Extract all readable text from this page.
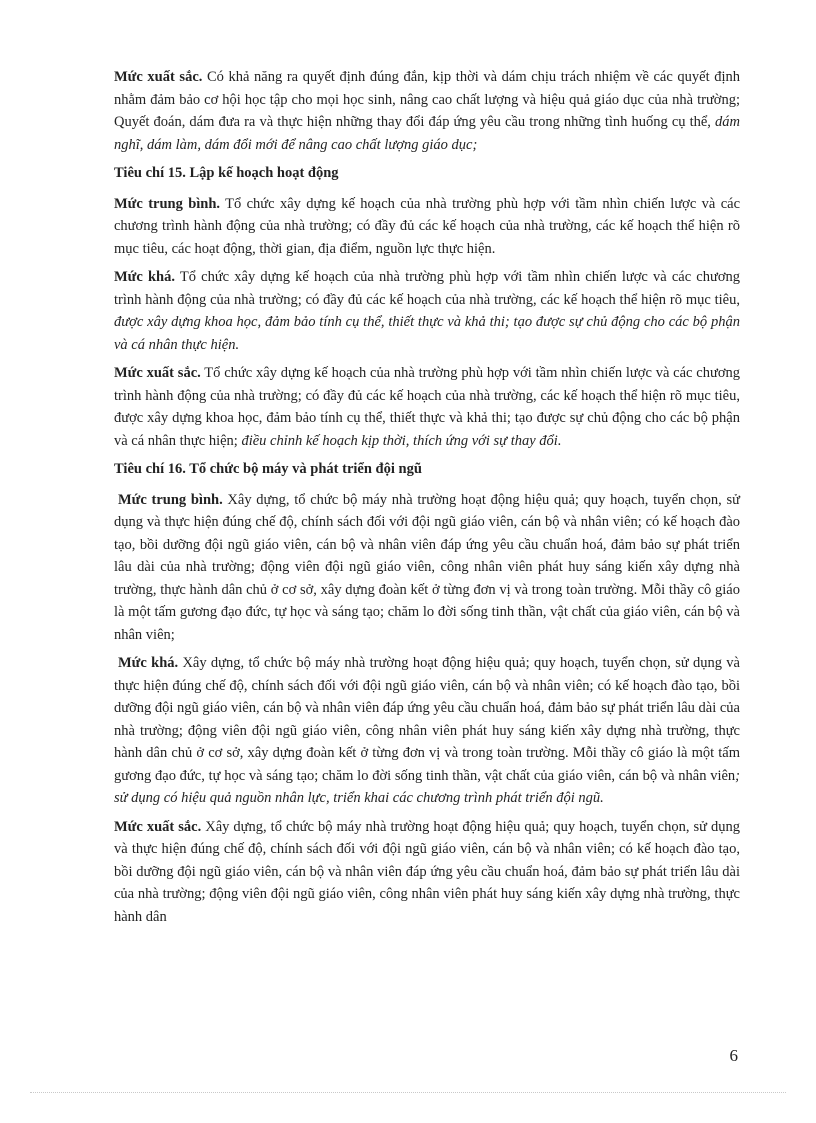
Mức xuất sắc. Có khả năng ra quyết định đúng đắn, kịp thời và dám chịu trách nhiệm về các quyết định nhằm đảm bảo cơ hội học tập cho mọi học sinh, nâng cao chất lượng và hiệu quả giáo dục của nhà trường; Quyết đoán, dám đưa ra và thực hiện những thay đổi đáp ứng yêu cầu trong những tình huống cụ thể, dám nghĩ, dám làm, dám đổi mới để nâng cao chất lượng giáo dục;

Tiêu chí 15. Lập kế hoạch hoạt động

Mức trung bình. Tổ chức xây dựng kế hoạch của nhà trường phù hợp với tầm nhìn chiến lược và các chương trình hành động của nhà trường; có đầy đủ các kế hoạch của nhà trường, các kế hoạch thể hiện rõ mục tiêu, các hoạt động, thời gian, địa điểm, nguồn lực thực hiện.

Mức khá. Tổ chức xây dựng kế hoạch của nhà trường phù hợp với tầm nhìn chiến lược và các chương trình hành động của nhà trường; có đầy đủ các kế hoạch của nhà trường, các kế hoạch thể hiện rõ mục tiêu, được xây dựng khoa học, đảm bảo tính cụ thể, thiết thực và khả thi; tạo được sự chủ động cho các bộ phận và cá nhân thực hiện.

Mức xuất sắc. Tổ chức xây dựng kế hoạch của nhà trường phù hợp với tầm nhìn chiến lược và các chương trình hành động của nhà trường; có đầy đủ các kế hoạch của nhà trường, các kế hoạch thể hiện rõ mục tiêu, được xây dựng khoa học, đảm bảo tính cụ thể, thiết thực và khả thi; tạo được sự chủ động cho các bộ phận và cá nhân thực hiện; điều chỉnh kế hoạch kịp thời, thích ứng với sự thay đổi.

Tiêu chí 16. Tổ chức bộ máy và phát triển đội ngũ

Mức trung bình. Xây dựng, tổ chức bộ máy nhà trường hoạt động hiệu quả; quy hoạch, tuyển chọn, sử dụng và thực hiện đúng chế độ, chính sách đối với đội ngũ giáo viên, cán bộ và nhân viên; có kế hoạch đào tạo, bồi dưỡng đội ngũ giáo viên, cán bộ và nhân viên đáp ứng yêu cầu chuẩn hoá, đảm bảo sự phát triển lâu dài của nhà trường; động viên đội ngũ giáo viên, công nhân viên phát huy sáng kiến xây dựng nhà trường, thực hành dân chủ ở cơ sở, xây dựng đoàn kết ở từng đơn vị và trong toàn trường. Mỗi thầy cô giáo là một tấm gương đạo đức, tự học và sáng tạo; chăm lo đời sống tinh thần, vật chất của giáo viên, cán bộ và nhân viên;

Mức khá. Xây dựng, tổ chức bộ máy nhà trường hoạt động hiệu quả; quy hoạch, tuyển chọn, sử dụng và thực hiện đúng chế độ, chính sách đối với đội ngũ giáo viên, cán bộ và nhân viên; có kế hoạch đào tạo, bồi dưỡng đội ngũ giáo viên, cán bộ và nhân viên đáp ứng yêu cầu chuẩn hoá, đảm bảo sự phát triển lâu dài của nhà trường; động viên đội ngũ giáo viên, công nhân viên phát huy sáng kiến xây dựng nhà trường, thực hành dân chủ ở cơ sở, xây dựng đoàn kết ở từng đơn vị và trong toàn trường. Mỗi thầy cô giáo là một tấm gương đạo đức, tự học và sáng tạo; chăm lo đời sống tinh thần, vật chất của giáo viên, cán bộ và nhân viên; sử dụng có hiệu quả nguồn nhân lực, triển khai các chương trình phát triển đội ngũ.

Mức xuất sắc. Xây dựng, tổ chức bộ máy nhà trường hoạt động hiệu quả; quy hoạch, tuyển chọn, sử dụng và thực hiện đúng chế độ, chính sách đối với đội ngũ giáo viên, cán bộ và nhân viên; có kế hoạch đào tạo, bồi dưỡng đội ngũ giáo viên, cán bộ và nhân viên đáp ứng yêu cầu chuẩn hoá, đảm bảo sự phát triển lâu dài của nhà trường; động viên đội ngũ giáo viên, công nhân viên phát huy sáng kiến xây dựng nhà trường, thực hành dân

6
